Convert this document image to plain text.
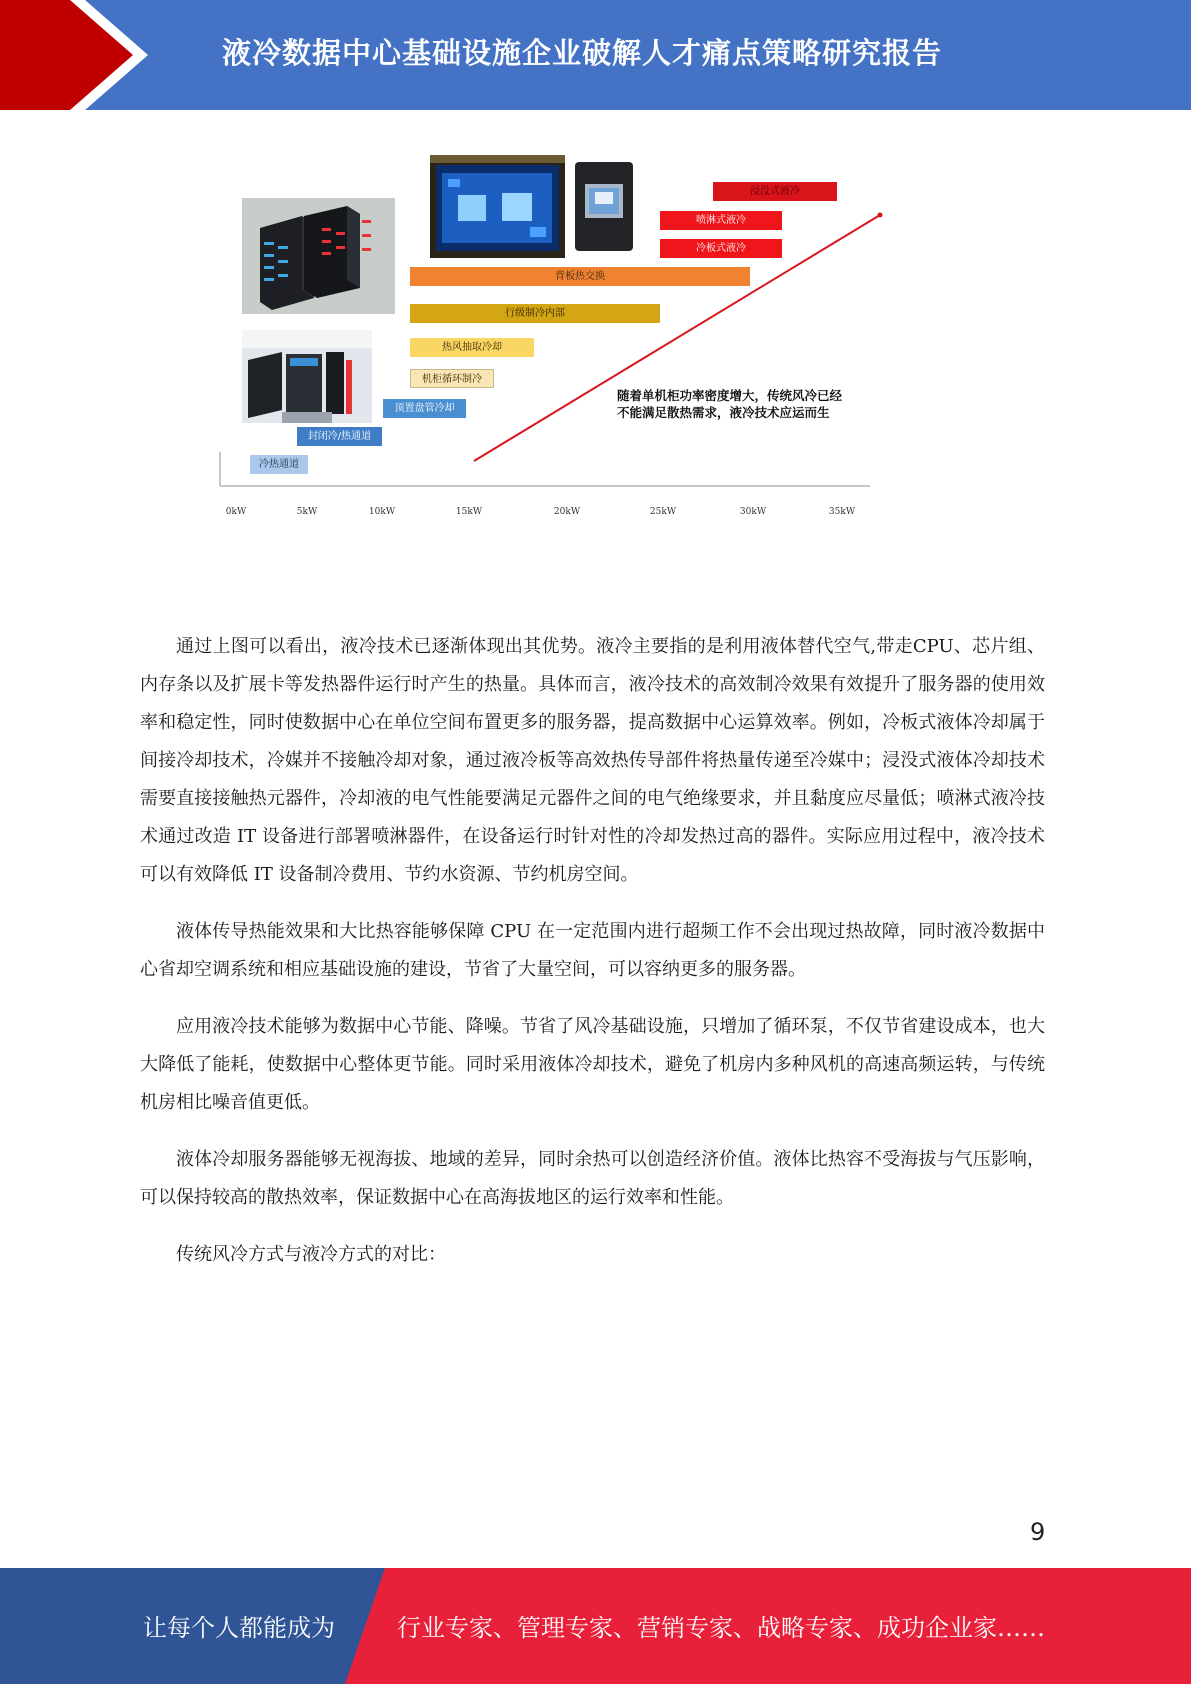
液冷数据中心基础设施企业破解人才痛点策略研究报告
浸没式液冷
喷淋式液冷
冷板式液冷
背板热交换
行级制冷内部
热风抽取冷却
机柜循环制冷
顶置盘管冷却
封闭冷/热通道
冷热通道
0kW	5kW	10kW	15kW	20kW	25kW	30kW	35kW
随着单机柜功率密度增大，传统风冷已经
不能满足散热需求，液冷技术应运而生

通过上图可以看出，液冷技术已逐渐体现出其优势。液冷主要指的是利用液体替代空气,带走CPU、芯片组、内存条以及扩展卡等发热器件运行时产生的热量。具体而言，液冷技术的高效制冷效果有效提升了服务器的使用效率和稳定性，同时使数据中心在单位空间布置更多的服务器，提高数据中心运算效率。例如，冷板式液体冷却属于间接冷却技术，冷媒并不接触冷却对象，通过液冷板等高效热传导部件将热量传递至冷媒中；浸没式液体冷却技术需要直接接触热元器件，冷却液的电气性能要满足元器件之间的电气绝缘要求，并且黏度应尽量低；喷淋式液冷技术通过改造 IT 设备进行部署喷淋器件，在设备运行时针对性的冷却发热过高的器件。实际应用过程中，液冷技术可以有效降低 IT 设备制冷费用、节约水资源、节约机房空间。

液体传导热能效果和大比热容能够保障 CPU 在一定范围内进行超频工作不会出现过热故障，同时液冷数据中心省却空调系统和相应基础设施的建设，节省了大量空间，可以容纳更多的服务器。

应用液冷技术能够为数据中心节能、降噪。节省了风冷基础设施，只增加了循环泵，不仅节省建设成本，也大大降低了能耗，使数据中心整体更节能。同时采用液体冷却技术，避免了机房内多种风机的高速高频运转，与传统机房相比噪音值更低。

液体冷却服务器能够无视海拔、地域的差异，同时余热可以创造经济价值。液体比热容不受海拔与气压影响，可以保持较高的散热效率，保证数据中心在高海拔地区的运行效率和性能。

传统风冷方式与液冷方式的对比：

9
让每个人都能成为	行业专家、管理专家、营销专家、战略专家、成功企业家……
